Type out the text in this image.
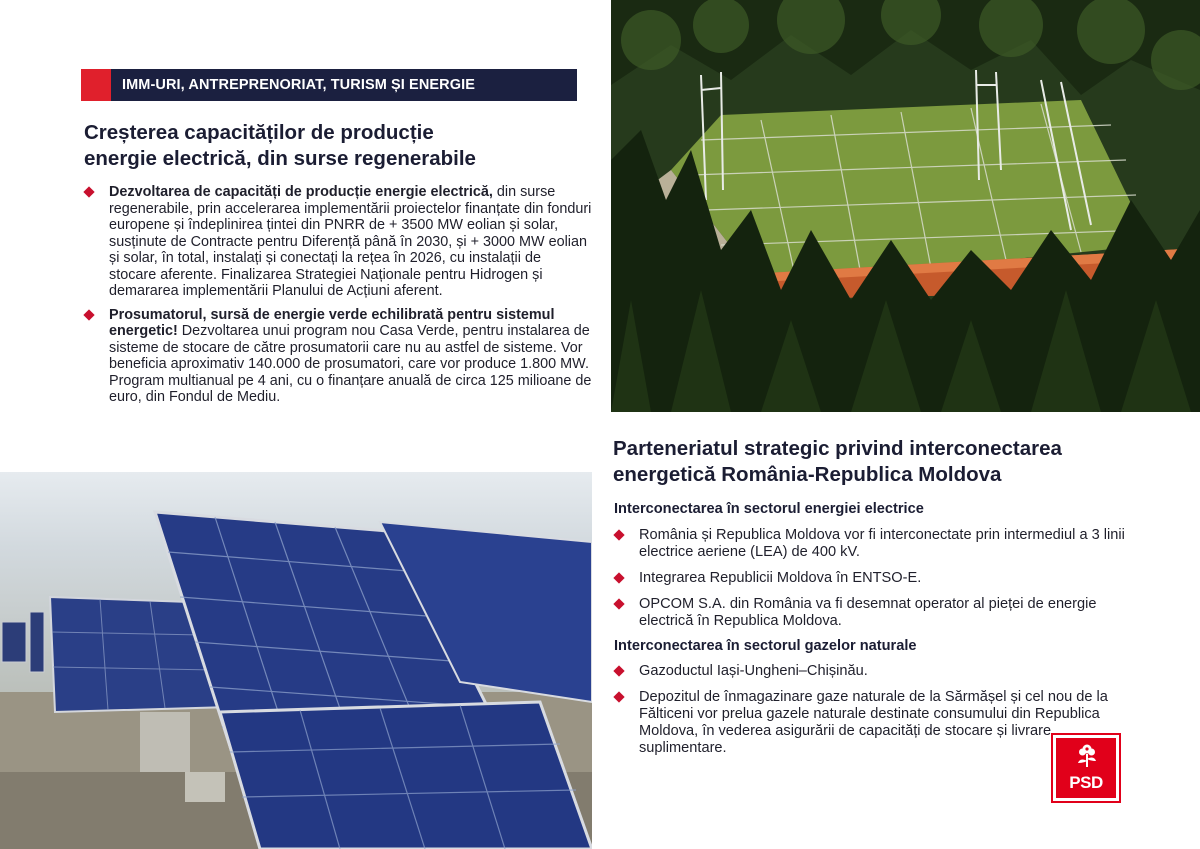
IMM-URI, ANTREPRENORIAT, TURISM ȘI ENERGIE
Creșterea capacităților de producție
energie electrică, din surse regenerabile
Dezvoltarea de capacități de producție energie electrică, din surse regenerabile, prin accelerarea implementării proiectelor finanțate din fonduri europene și îndeplinirea țintei din PNRR de + 3500 MW eolian și solar, susținute de Contracte pentru Diferență până în 2030, și + 3000 MW eolian și solar, în total, instalați și conectați la rețea în 2026, cu instalații de stocare aferente. Finalizarea Strategiei Naționale pentru Hidrogen și demararea implementării Planului de Acțiuni aferent.
Prosumatorul, sursă de energie verde echilibrată pentru sistemul energetic! Dezvoltarea unui program nou Casa Verde, pentru instalarea de sisteme de stocare de către prosumatorii care nu au astfel de sisteme. Vor beneficia aproximativ 140.000 de prosumatori, care vor produce 1.800 MW. Program multianual pe 4 ani, cu o finanțare anuală de circa 125 milioane de euro, din Fondul de Mediu.
Parteneriatul strategic privind interconectarea
energetică România-Republica Moldova
Interconectarea în sectorul energiei electrice
România și Republica Moldova vor fi interconectate prin intermediul a 3 linii electrice aeriene (LEA) de 400 kV.
Integrarea Republicii Moldova în ENTSO-E.
OPCOM S.A. din România va fi desemnat operator al pieței de energie electrică în Republica Moldova.
Interconectarea în sectorul gazelor naturale
Gazoductul Iași-Ungheni–Chișinău.
Depozitul de înmagazinare gaze naturale de la Sărmășel și cel nou de la Fălticeni vor prelua gazele naturale destinate consumului din Republica Moldova, în vederea asigurării de capacități de stocare și livrare suplimentare.
PSD
